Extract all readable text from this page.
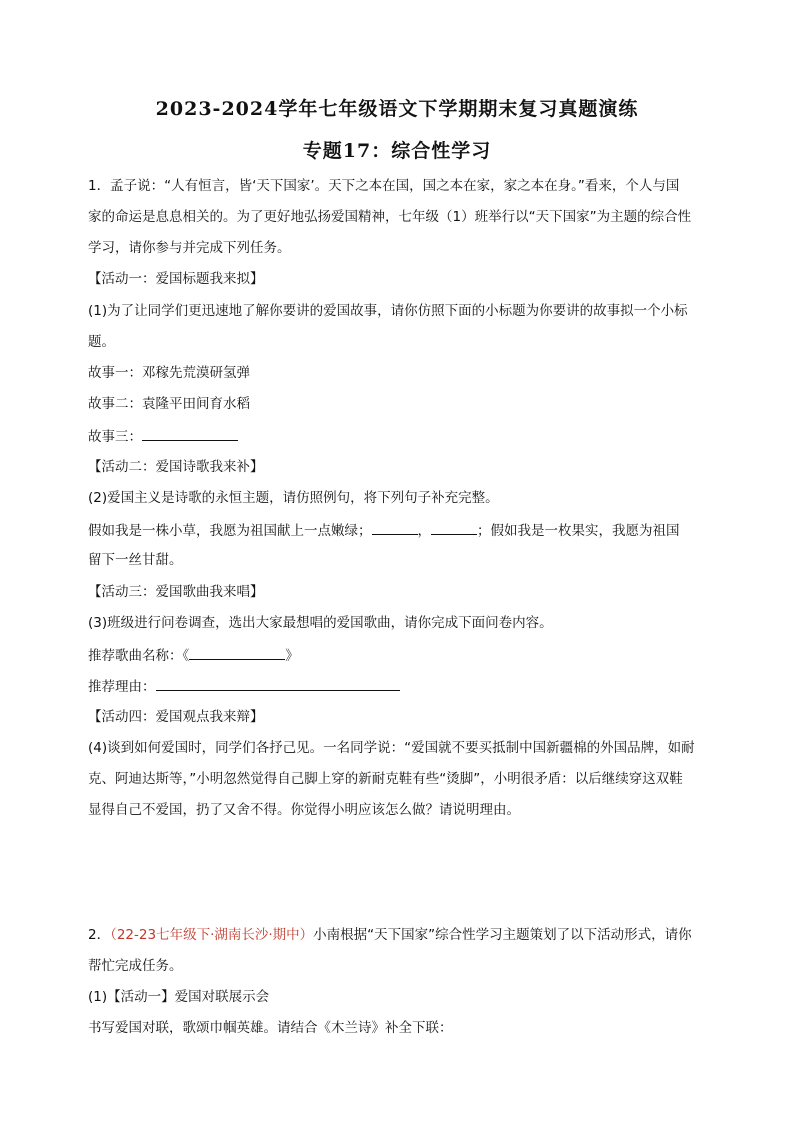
2023-2024学年七年级语文下学期期末复习真题演练
专题17：综合性学习
1．孟子说：“人有恒言，皆‘天下国家’。天下之本在国，国之本在家，家之本在身。”看来，个人与国
家的命运是息息相关的。为了更好地弘扬爱国精神，七年级（1）班举行以“天下国家”为主题的综合性
学习，请你参与并完成下列任务。
【活动一：爱国标题我来拟】
(1)为了让同学们更迅速地了解你要讲的爱国故事，请你仿照下面的小标题为你要讲的故事拟一个小标
题。
故事一：邓稼先荒漠研氢弹
故事二：袁隆平田间育水稻
故事三：
【活动二：爱国诗歌我来补】
(2)爱国主义是诗歌的永恒主题，请仿照例句，将下列句子补充完整。
假如我是一株小草，我愿为祖国献上一点嫩绿；	，	；假如我是一枚果实，我愿为祖国
留下一丝甘甜。
【活动三：爱国歌曲我来唱】
(3)班级进行问卷调查，选出大家最想唱的爱国歌曲，请你完成下面问卷内容。
推荐歌曲名称：《	》
推荐理由：
【活动四：爱国观点我来辩】
(4)谈到如何爱国时，同学们各抒己见。一名同学说：“爱国就不要买抵制中国新疆棉的外国品牌，如耐
克、阿迪达斯等，”小明忽然觉得自己脚上穿的新耐克鞋有些“烫脚”，小明很矛盾：以后继续穿这双鞋
显得自己不爱国，扔了又舍不得。你觉得小明应该怎么做？请说明理由。
2．（22-23七年级下·湖南长沙·期中）小南根据“天下国家”综合性学习主题策划了以下活动形式，请你
帮忙完成任务。
(1)【活动一】爱国对联展示会
书写爱国对联，歌颂巾帼英雄。请结合《木兰诗》补全下联：
